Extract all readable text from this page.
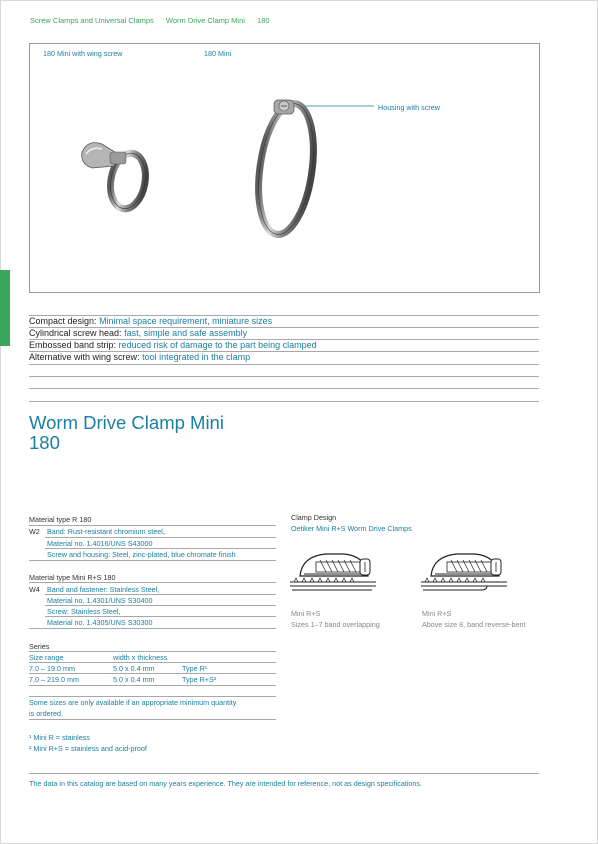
Screw Clamps and Universal Clamps Worm Drive Clamp Mini 180
180 Mini with wing screw	180 Mini
Housing with screw
Compact design: Minimal space requirement, miniature sizes
Cylindrical screw head: fast, simple and safe assembly
Embossed band strip: reduced risk of damage to the part being clamped
Alternative with wing screw: tool integrated in the clamp
Worm Drive Clamp Mini
180
Material type R 180
W2 Band: Rust-resistant chromium steel,
Material no. 1.4016/UNS S43000
Screw and housing: Steel, zinc-plated, blue chromate finish
Material type Mini R+S 180
W4 Band and fastener: Stainless Steel,
Material no. 1.4301/UNS S30400
Screw: Stainless Steel,
Material no. 1.4305/UNS S30300
Series
Size range	width x thickness
7.0 – 19.0 mm	5.0 x 0.4 mm	Type R¹
7.0 – 219.0 mm	5.0 x 0.4 mm	Type R+S²
Some sizes are only available if an appropriate minimum quantity
is ordered.
¹ Mini R = stainless
² Mini R+S = stainless and acid-proof
Clamp Design
Oetiker Mini R+S Worm Drive Clamps
Mini R+S
Sizes 1–7 band overlapping
Mini R+S
Above size 8, band reverse-bent
The data in this catalog are based on many years experience. They are intended for reference, not as design specifications.
